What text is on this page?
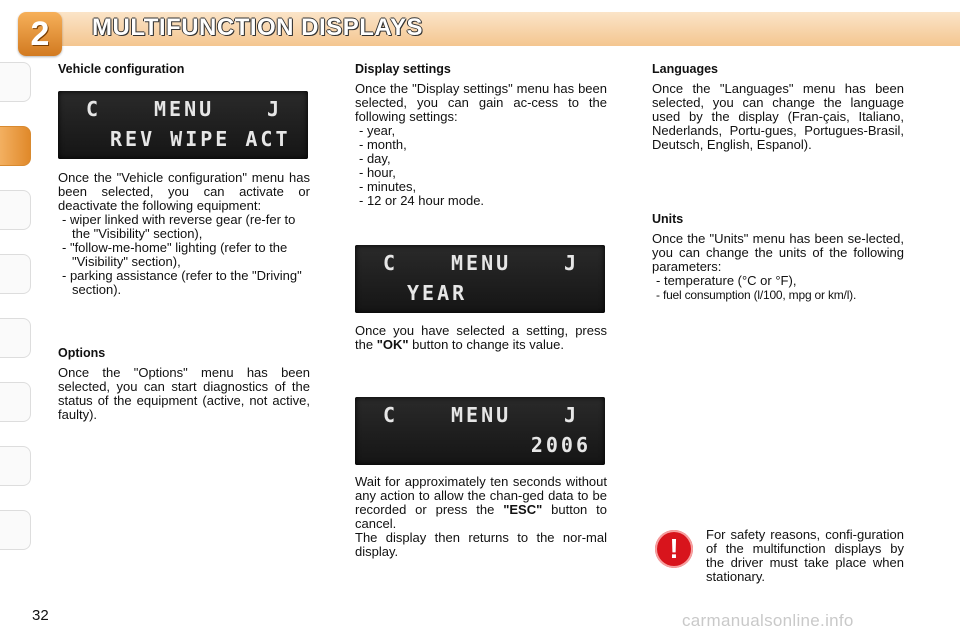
2	MULTIFUNCTION DISPLAYS
Vehicle configuration
C	MENU	J
REV WIPE ACT

Once the "Vehicle configuration" menu has been selected, you can activate or deactivate the following equipment:

- wiper linked with reverse gear (re-fer to the "Visibility" section),
- "follow-me-home" lighting (refer to the "Visibility" section),
- parking assistance (refer to the "Driving" section).
Options

Once the "Options" menu has been selected, you can start diagnostics of the status of the equipment (active, not active, faulty).

Display settings

Once the "Display settings" menu has been selected, you can gain ac-cess to the following settings:

- year,
- month,
- day,
- hour,
- minutes,
- 12 or 24 hour mode.
C	MENU	J
YEAR

Once you have selected a setting, press the "OK" button to change its value.

C	MENU	J
2006

Wait for approximately ten seconds without any action to allow the chan-ged data to be recorded or press the "ESC" button to cancel.

The display then returns to the nor-mal display.

Languages

Once the "Languages" menu has been selected, you can change the language used by the display (Fran-çais, Italiano, Nederlands, Portu-gues, Portugues-Brasil, Deutsch, English, Espanol).

Units

Once the "Units" menu has been se-lected, you can change the units of the following parameters:

- temperature (°C or °F),
- fuel consumption (l/100, mpg or km/l).
!	For safety reasons, confi-guration of the multifunction displays by the driver must take place when stationary.
32	carmanualsonline.info
